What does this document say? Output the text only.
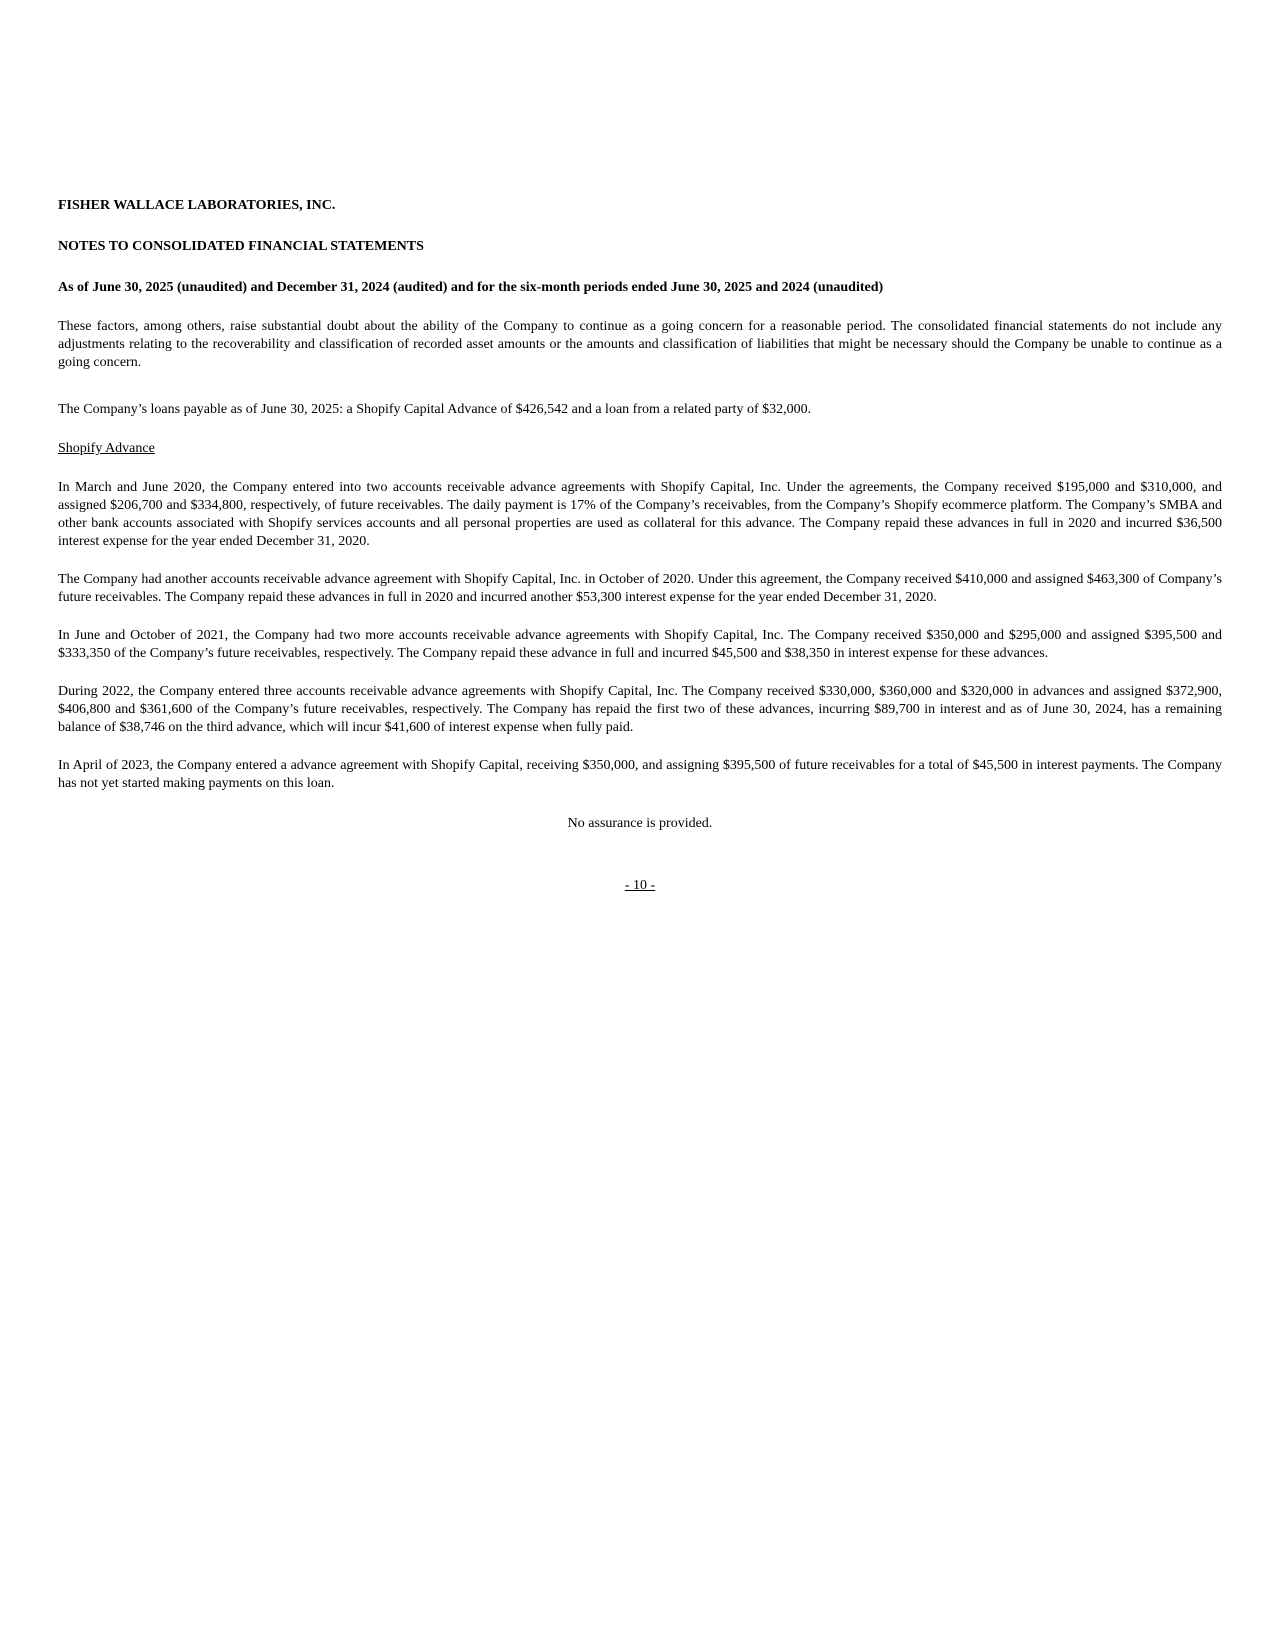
FISHER WALLACE LABORATORIES, INC.

NOTES TO CONSOLIDATED FINANCIAL STATEMENTS

As of June 30, 2025 (unaudited) and December 31, 2024 (audited) and for the six-month periods ended June 30, 2025 and 2024 (unaudited)

These factors, among others, raise substantial doubt about the ability of the Company to continue as a going concern for a reasonable period. The consolidated financial statements do not include any adjustments relating to the recoverability and classification of recorded asset amounts or the amounts and classification of liabilities that might be necessary should the Company be unable to continue as a going concern.

The Company’s loans payable as of June 30, 2025: a Shopify Capital Advance of $426,542 and a loan from a related party of $32,000.

Shopify Advance

In March and June 2020, the Company entered into two accounts receivable advance agreements with Shopify Capital, Inc. Under the agreements, the Company received $195,000 and $310,000, and assigned $206,700 and $334,800, respectively, of future receivables. The daily payment is 17% of the Company’s receivables, from the Company’s Shopify ecommerce platform. The Company’s SMBA and other bank accounts associated with Shopify services accounts and all personal properties are used as collateral for this advance. The Company repaid these advances in full in 2020 and incurred $36,500 interest expense for the year ended December 31, 2020.

The Company had another accounts receivable advance agreement with Shopify Capital, Inc. in October of 2020. Under this agreement, the Company received $410,000 and assigned $463,300 of Company’s future receivables. The Company repaid these advances in full in 2020 and incurred another $53,300 interest expense for the year ended December 31, 2020.

In June and October of 2021, the Company had two more accounts receivable advance agreements with Shopify Capital, Inc. The Company received $350,000 and $295,000 and assigned $395,500 and $333,350 of the Company’s future receivables, respectively. The Company repaid these advance in full and incurred $45,500 and $38,350 in interest expense for these advances.

During 2022, the Company entered three accounts receivable advance agreements with Shopify Capital, Inc. The Company received $330,000, $360,000 and $320,000 in advances and assigned $372,900, $406,800 and $361,600 of the Company’s future receivables, respectively. The Company has repaid the first two of these advances, incurring $89,700 in interest and as of June 30, 2024, has a remaining balance of $38,746 on the third advance, which will incur $41,600 of interest expense when fully paid.

In April of 2023, the Company entered a advance agreement with Shopify Capital, receiving $350,000, and assigning $395,500 of future receivables for a total of $45,500 in interest payments. The Company has not yet started making payments on this loan.

No assurance is provided.

- 10 -
